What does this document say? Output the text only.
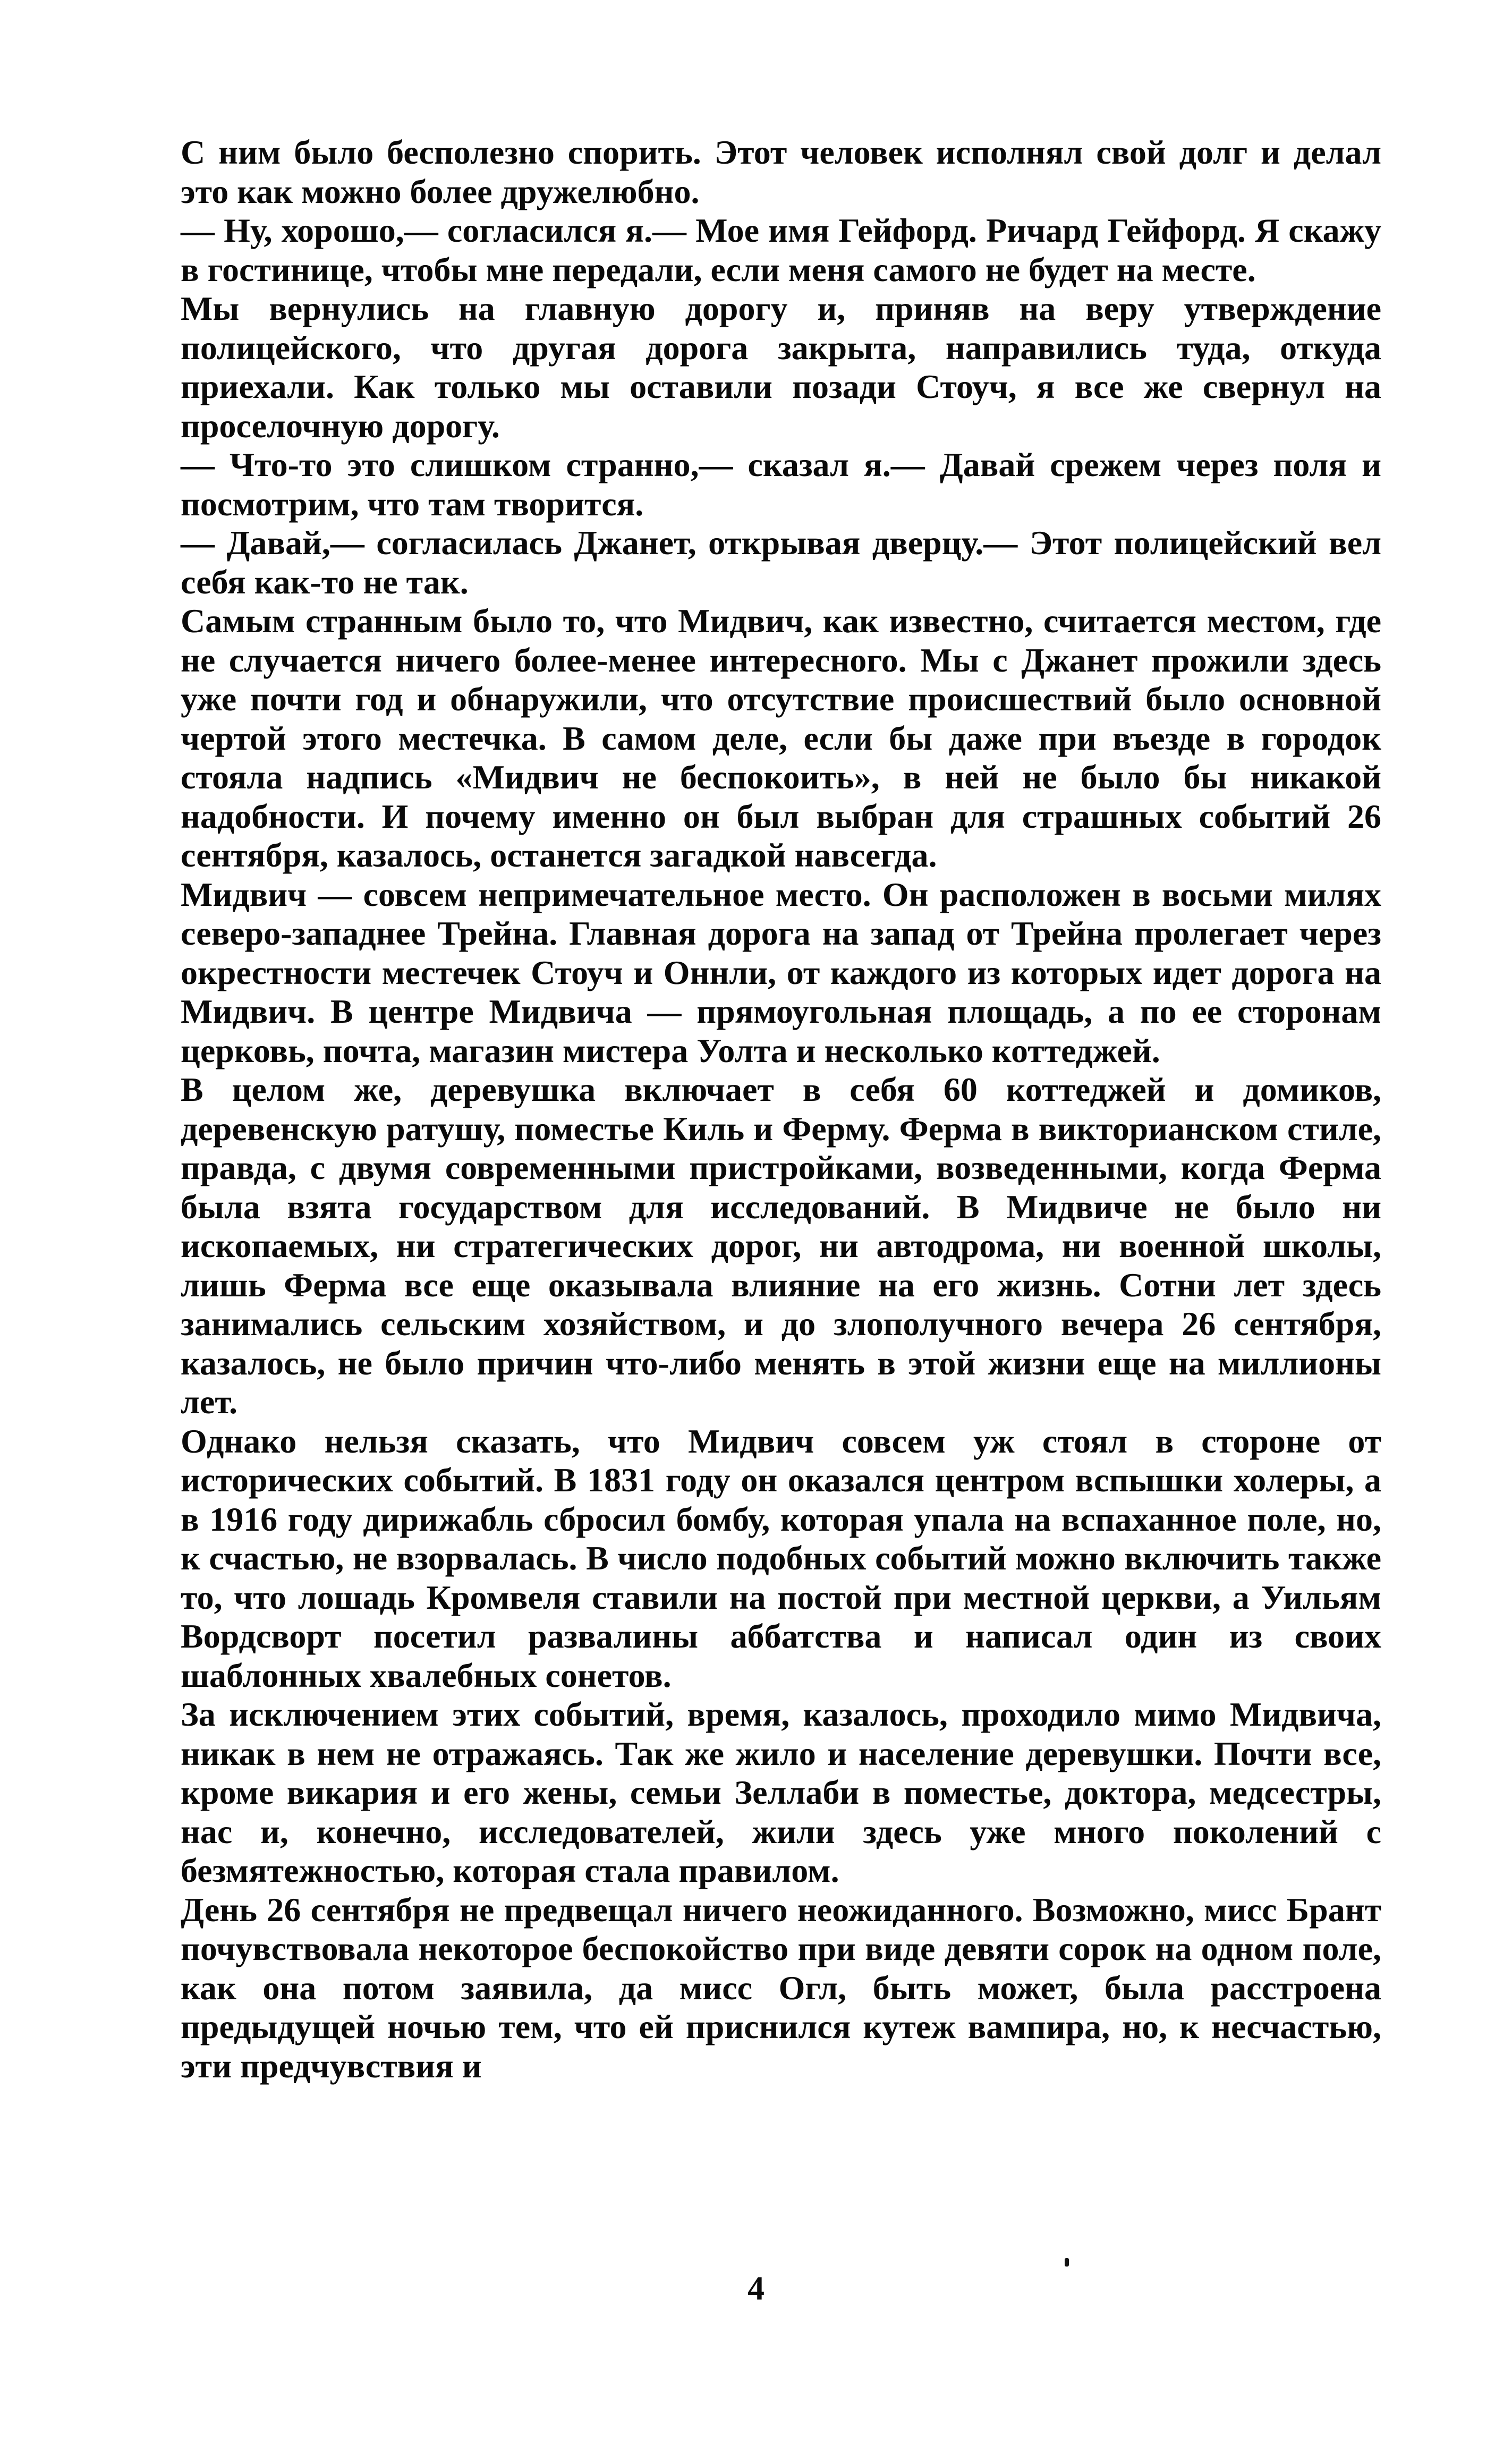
С ним было бесполезно спорить. Этот человек исполнял свой долг и делал это как можно более дружелюбно.

— Ну, хорошо,— согласился я.— Мое имя Гейфорд. Ричард Гейфорд. Я скажу в гостинице, чтобы мне передали, если меня самого не будет на месте.

Мы вернулись на главную дорогу и, приняв на веру утверждение полицейского, что другая дорога закрыта, направились туда, откуда приехали. Как только мы оставили позади Стоуч, я все же свернул на проселочную дорогу.

— Что-то это слишком странно,— сказал я.— Давай срежем через поля и посмотрим, что там творится.

— Давай,— согласилась Джанет, открывая дверцу.— Этот полицейский вел себя как-то не так.

Самым странным было то, что Мидвич, как известно, считается местом, где не случается ничего более-менее интересного. Мы с Джанет прожили здесь уже почти год и обнаружили, что отсутствие происшествий было основной чертой этого местечка. В самом деле, если бы даже при въезде в городок стояла надпись «Мидвич не беспокоить», в ней не было бы никакой надобности. И почему именно он был выбран для страшных событий 26 сентября, казалось, останется загадкой навсегда.

Мидвич — совсем непримечательное место. Он расположен в восьми милях северо-западнее Трейна. Главная дорога на запад от Трейна пролегает через окрестности местечек Стоуч и Оннли, от каждого из которых идет дорога на Мидвич. В центре Мидвича — прямоугольная площадь, а по ее сторонам церковь, почта, магазин мистера Уолта и несколько коттеджей.

В целом же, деревушка включает в себя 60 коттеджей и домиков, деревенскую ратушу, поместье Киль и Ферму. Ферма в викторианском стиле, правда, с двумя современными пристройками, возведенными, когда Ферма была взята государством для исследований. В Мидвиче не было ни ископаемых, ни стратегических дорог, ни автодрома, ни военной школы, лишь Ферма все еще оказывала влияние на его жизнь. Сотни лет здесь занимались сельским хозяйством, и до злополучного вечера 26 сентября, казалось, не было причин что-либо менять в этой жизни еще на миллионы лет.

Однако нельзя сказать, что Мидвич совсем уж стоял в стороне от исторических событий. В 1831 году он оказался центром вспышки холеры, а в 1916 году дирижабль сбросил бомбу, которая упала на вспаханное поле, но, к счастью, не взорвалась. В число подобных событий можно включить также то, что лошадь Кромвеля ставили на постой при местной церкви, а Уильям Вордсворт посетил развалины аббатства и написал один из своих шаблонных хвалебных сонетов.

За исключением этих событий, время, казалось, проходило мимо Мидвича, никак в нем не отражаясь. Так же жило и население деревушки. Почти все, кроме викария и его жены, семьи Зеллаби в поместье, доктора, медсестры, нас и, конечно, исследователей, жили здесь уже много поколений с безмятежностью, которая стала правилом.

День 26 сентября не предвещал ничего неожиданного. Возможно, мисс Брант почувствовала некоторое беспокойство при виде девяти сорок на одном поле, как она потом заявила, да мисс Огл, быть может, была расстроена предыдущей ночью тем, что ей приснился кутеж вампира, но, к несчастью, эти предчувствия и

4
